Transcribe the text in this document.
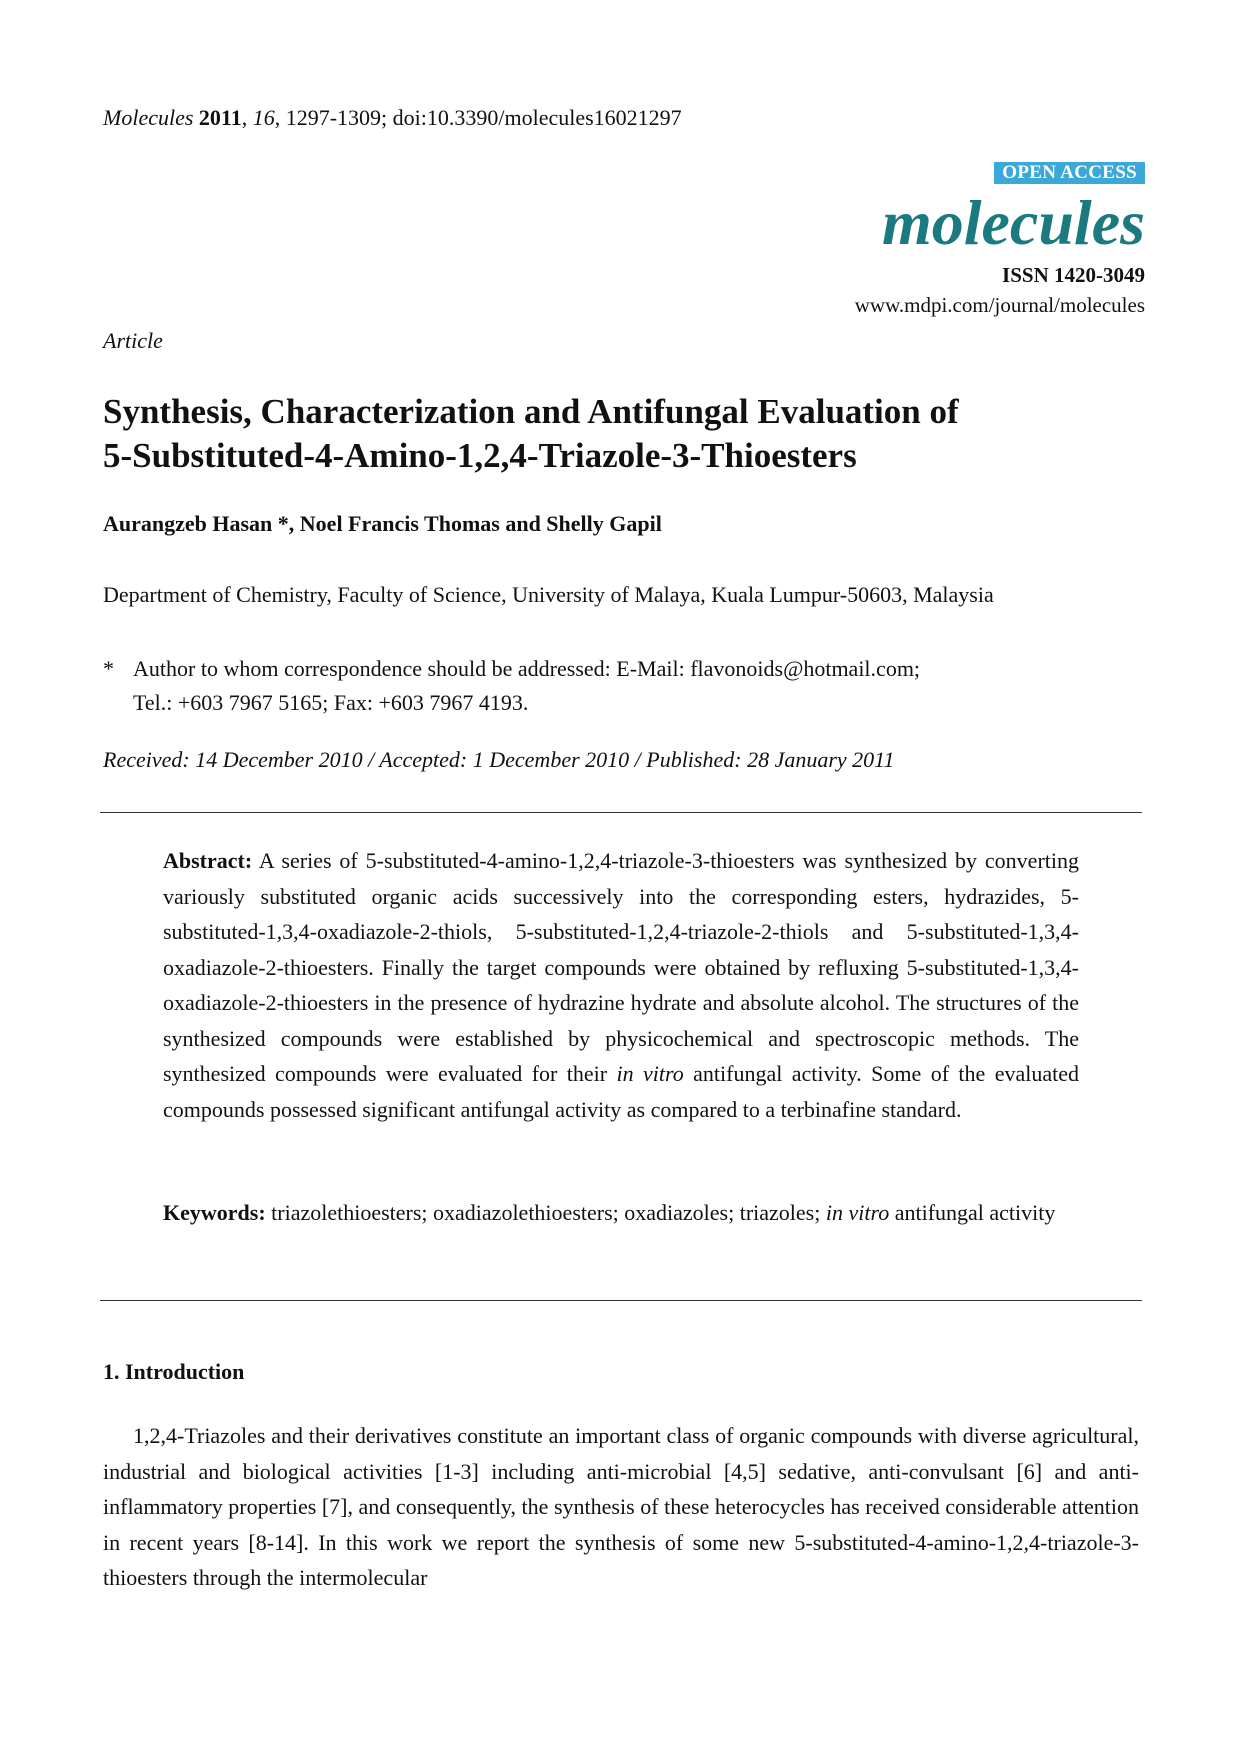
Molecules 2011, 16, 1297-1309; doi:10.3390/molecules16021297
OPEN ACCESS
molecules
ISSN 1420-3049
www.mdpi.com/journal/molecules
Article
Synthesis, Characterization and Antifungal Evaluation of
5-Substituted-4-Amino-1,2,4-Triazole-3-Thioesters
Aurangzeb Hasan *, Noel Francis Thomas and Shelly Gapil
Department of Chemistry, Faculty of Science, University of Malaya, Kuala Lumpur-50603, Malaysia
* Author to whom correspondence should be addressed: E-Mail: flavonoids@hotmail.com;
Tel.: +603 7967 5165; Fax: +603 7967 4193.
Received: 14 December 2010 / Accepted: 1 December 2010 / Published: 28 January 2011

Abstract: A series of 5-substituted-4-amino-1,2,4-triazole-3-thioesters was synthesized by converting variously substituted organic acids successively into the corresponding esters, hydrazides, 5-substituted-1,3,4-oxadiazole-2-thiols, 5-substituted-1,2,4-triazole-2-thiols and 5-substituted-1,3,4-oxadiazole-2-thioesters. Finally the target compounds were obtained by refluxing 5-substituted-1,3,4-oxadiazole-2-thioesters in the presence of hydrazine hydrate and absolute alcohol. The structures of the synthesized compounds were established by physicochemical and spectroscopic methods. The synthesized compounds were evaluated for their in vitro antifungal activity. Some of the evaluated compounds possessed significant antifungal activity as compared to a terbinafine standard.

Keywords: triazolethioesters; oxadiazolethioesters; oxadiazoles; triazoles; in vitro antifungal activity

1. Introduction

1,2,4-Triazoles and their derivatives constitute an important class of organic compounds with diverse agricultural, industrial and biological activities [1-3] including anti-microbial [4,5] sedative, anti-convulsant [6] and anti-inflammatory properties [7], and consequently, the synthesis of these heterocycles has received considerable attention in recent years [8-14]. In this work we report the synthesis of some new 5-substituted-4-amino-1,2,4-triazole-3-thioesters through the intermolecular
